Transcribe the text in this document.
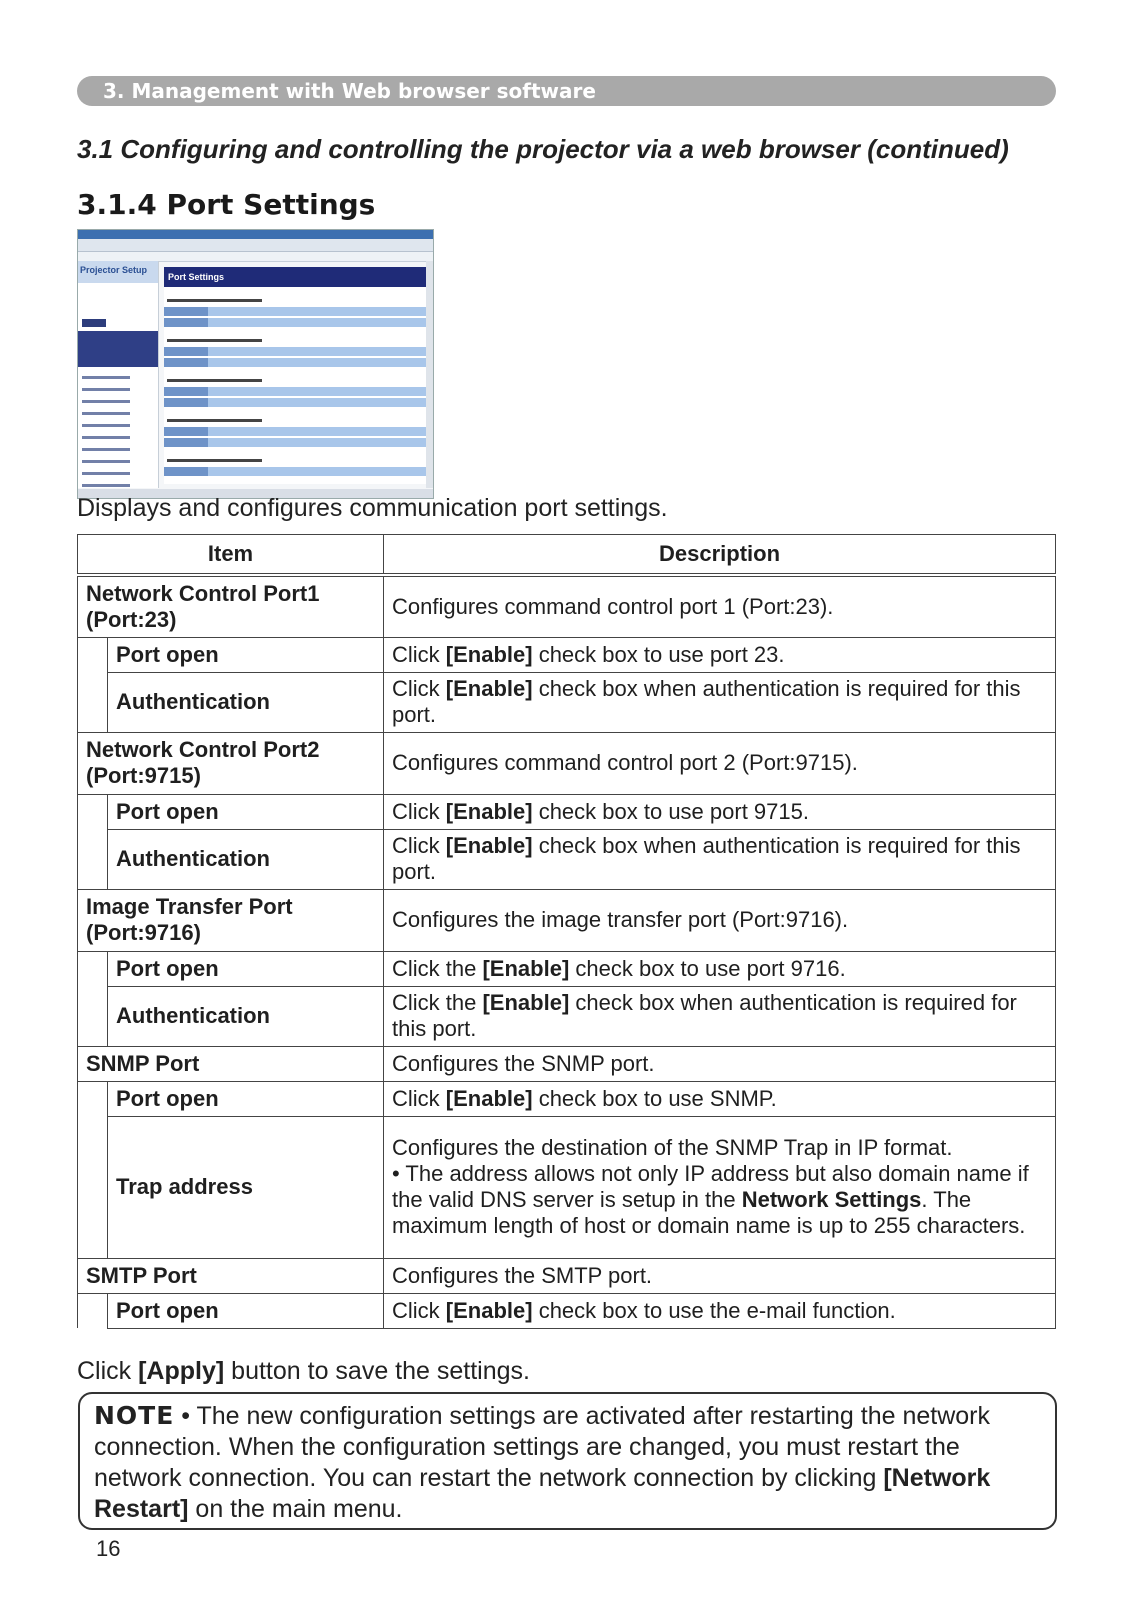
3. Management with Web browser software
3.1 Configuring and controlling the projector via a web browser (continued)
3.1.4 Port Settings
Projector Setup
Port Settings
Displays and configures communication port settings.
Item		Description
Network Control Port1 (Port:23)		Configures command control port 1 (Port:23).
	Port open	Click [Enable] check box to use port 23.
	Authentication	Click [Enable] check box when authentication is required for this port.
Network Control Port2 (Port:9715)		Configures command control port 2 (Port:9715).
	Port open	Click [Enable] check box to use port 9715.
	Authentication	Click [Enable] check box when authentication is required for this port.
Image Transfer Port (Port:9716)		Configures the image transfer port (Port:9716).
	Port open	Click the [Enable] check box to use port 9716.
	Authentication	Click the [Enable] check box when authentication is required for this port.
SNMP Port		Configures the SNMP port.
	Port open	Click [Enable] check box to use SNMP.
	Trap address	Configures the destination of the SNMP Trap in IP format.
• The address allows not only IP address but also domain name if the valid DNS server is setup in the Network Settings. The maximum length of host or domain name is up to 255 characters.
SMTP Port		Configures the SMTP port.
	Port open	Click [Enable] check box to use the e-mail function.
Click [Apply] button to save the settings.
NOTE • The new configuration settings are activated after restarting the network connection. When the configuration settings are changed, you must restart the network connection. You can restart the network connection by clicking [Network Restart] on the main menu.
16
